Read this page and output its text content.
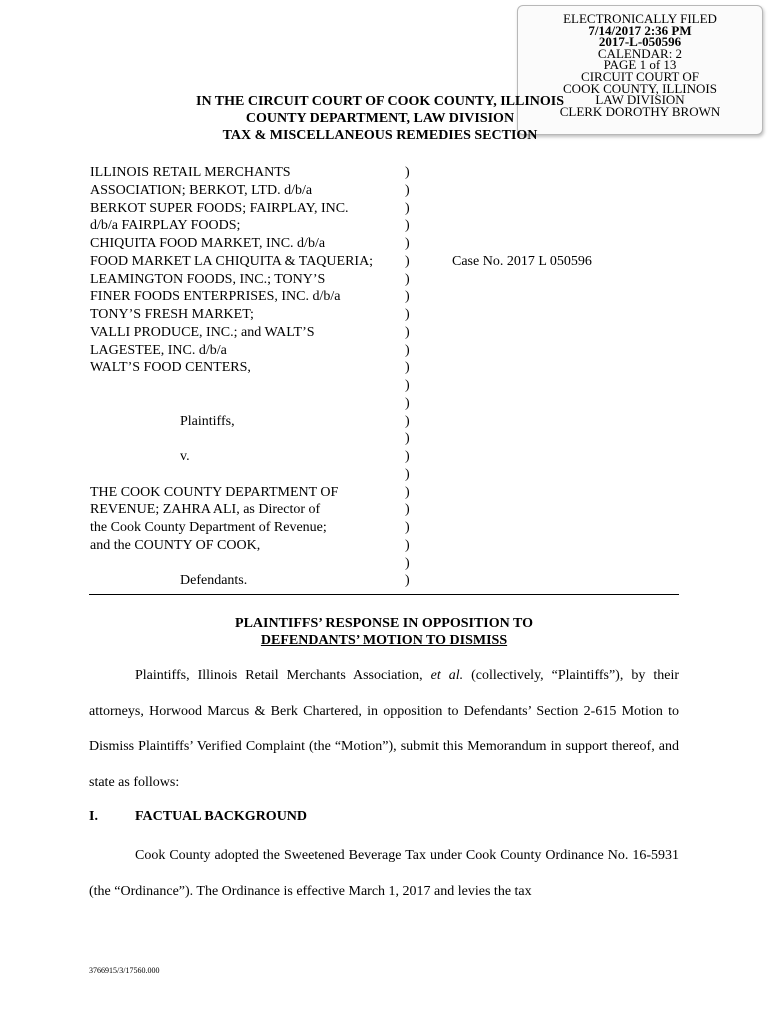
ELECTRONICALLY FILED
7/14/2017 2:36 PM
2017-L-050596
CALENDAR: 2
PAGE 1 of 13
CIRCUIT COURT OF
COOK COUNTY, ILLINOIS
LAW DIVISION
CLERK DOROTHY BROWN
IN THE CIRCUIT COURT OF COOK COUNTY, ILLINOIS
COUNTY DEPARTMENT, LAW DIVISION
TAX & MISCELLANEOUS REMEDIES SECTION
ILLINOIS RETAIL MERCHANTS
ASSOCIATION; BERKOT, LTD. d/b/a
BERKOT SUPER FOODS; FAIRPLAY, INC.
d/b/a FAIRPLAY FOODS;
CHIQUITA FOOD MARKET, INC. d/b/a
FOOD MARKET LA CHIQUITA & TAQUERIA;
LEAMINGTON FOODS, INC.; TONY’S
FINER FOODS ENTERPRISES, INC. d/b/a
TONY’S FRESH MARKET;
VALLI PRODUCE, INC.; and WALT’S
LAGESTEE, INC. d/b/a
WALT’S FOOD CENTERS,
Plaintiffs,
v.
THE COOK COUNTY DEPARTMENT OF
REVENUE; ZAHRA ALI, as Director of
the Cook County Department of Revenue;
and the COUNTY OF COOK,
Defendants.
)
)
)
)
)
)
)
)
)
)
)
)
)
)
)
)
)
)
)
)
)
)
)
)
Case No. 2017 L 050596
PLAINTIFFS’ RESPONSE IN OPPOSITION TO
DEFENDANTS’ MOTION TO DISMISS

Plaintiffs, Illinois Retail Merchants Association, et al. (collectively, “Plaintiffs”), by their attorneys, Horwood Marcus & Berk Chartered, in opposition to Defendants’ Section 2-615 Motion to Dismiss Plaintiffs’ Verified Complaint (the “Motion”), submit this Memorandum in support thereof, and state as follows:

I.	FACTUAL BACKGROUND

Cook County adopted the Sweetened Beverage Tax under Cook County Ordinance No. 16-5931 (the “Ordinance”). The Ordinance is effective March 1, 2017 and levies the tax

3766915/3/17560.000
